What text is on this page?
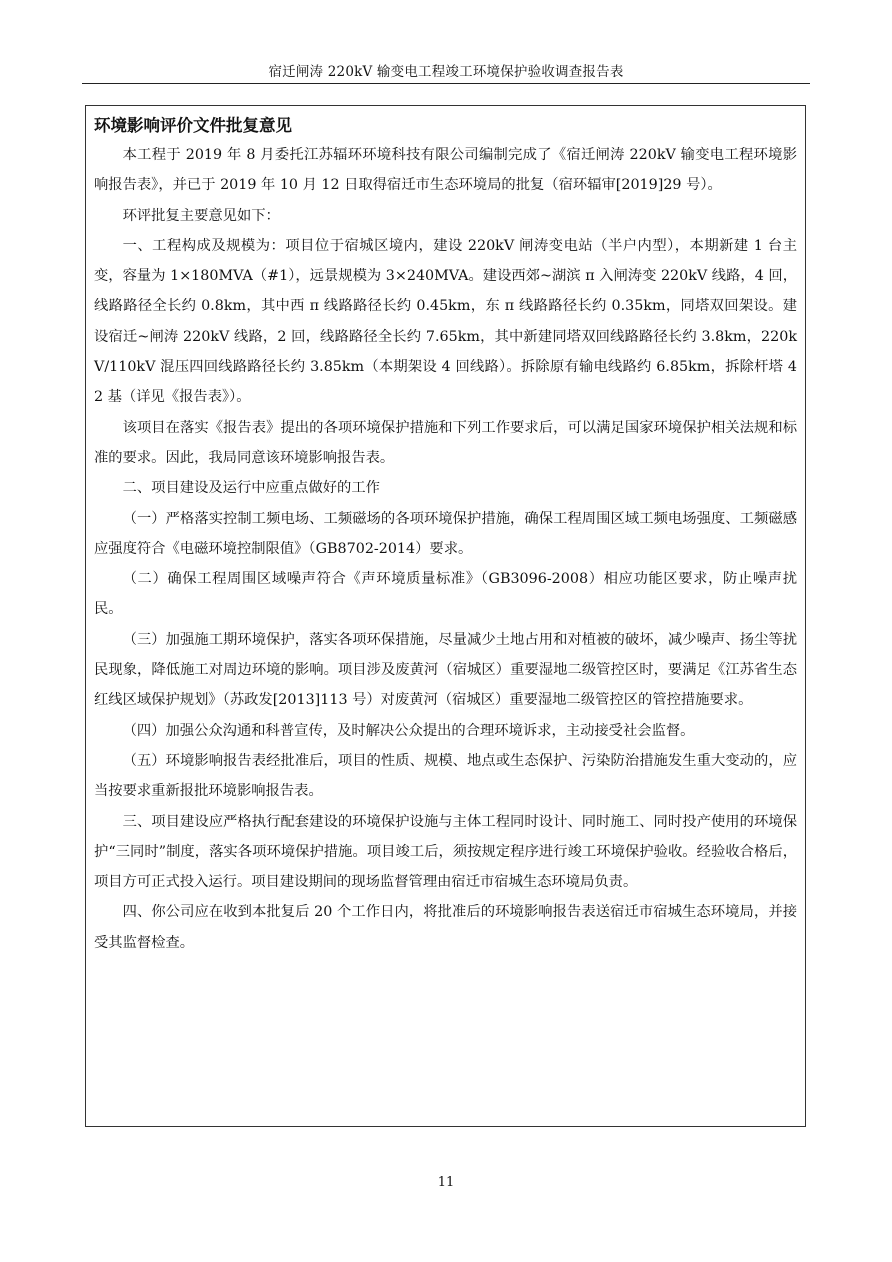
宿迁闸涛 220kV 输变电工程竣工环境保护验收调查报告表
环境影响评价文件批复意见

本工程于 2019 年 8 月委托江苏辐环环境科技有限公司编制完成了《宿迁闸涛 220kV 输变电工程环境影响报告表》，并已于 2019 年 10 月 12 日取得宿迁市生态环境局的批复（宿环辐审[2019]29 号）。

环评批复主要意见如下：

一、工程构成及规模为：项目位于宿城区境内，建设 220kV 闸涛变电站（半户内型），本期新建 1 台主变，容量为 1×180MVA（#1），远景规模为 3×240MVA。建设西郊~湖滨 π 入闸涛变 220kV 线路，4 回，线路路径全长约 0.8km，其中西 π 线路路径长约 0.45km，东 π 线路路径长约 0.35km，同塔双回架设。建设宿迁~闸涛 220kV 线路，2 回，线路路径全长约 7.65km，其中新建同塔双回线路路径长约 3.8km，220kV/110kV 混压四回线路路径长约 3.85km（本期架设 4 回线路）。拆除原有输电线路约 6.85km，拆除杆塔 42 基（详见《报告表》）。

该项目在落实《报告表》提出的各项环境保护措施和下列工作要求后，可以满足国家环境保护相关法规和标准的要求。因此，我局同意该环境影响报告表。

二、项目建设及运行中应重点做好的工作

（一）严格落实控制工频电场、工频磁场的各项环境保护措施，确保工程周围区域工频电场强度、工频磁感应强度符合《电磁环境控制限值》（GB8702-2014）要求。

（二）确保工程周围区域噪声符合《声环境质量标准》（GB3096-2008）相应功能区要求，防止噪声扰民。

（三）加强施工期环境保护，落实各项环保措施，尽量减少土地占用和对植被的破坏，减少噪声、扬尘等扰民现象，降低施工对周边环境的影响。项目涉及废黄河（宿城区）重要湿地二级管控区时，要满足《江苏省生态红线区域保护规划》（苏政发[2013]113 号）对废黄河（宿城区）重要湿地二级管控区的管控措施要求。

（四）加强公众沟通和科普宣传，及时解决公众提出的合理环境诉求，主动接受社会监督。

（五）环境影响报告表经批准后，项目的性质、规模、地点或生态保护、污染防治措施发生重大变动的，应当按要求重新报批环境影响报告表。

三、项目建设应严格执行配套建设的环境保护设施与主体工程同时设计、同时施工、同时投产使用的环境保护“三同时”制度，落实各项环境保护措施。项目竣工后，须按规定程序进行竣工环境保护验收。经验收合格后，项目方可正式投入运行。项目建设期间的现场监督管理由宿迁市宿城生态环境局负责。

四、你公司应在收到本批复后 20 个工作日内，将批准后的环境影响报告表送宿迁市宿城生态环境局，并接受其监督检查。

11
